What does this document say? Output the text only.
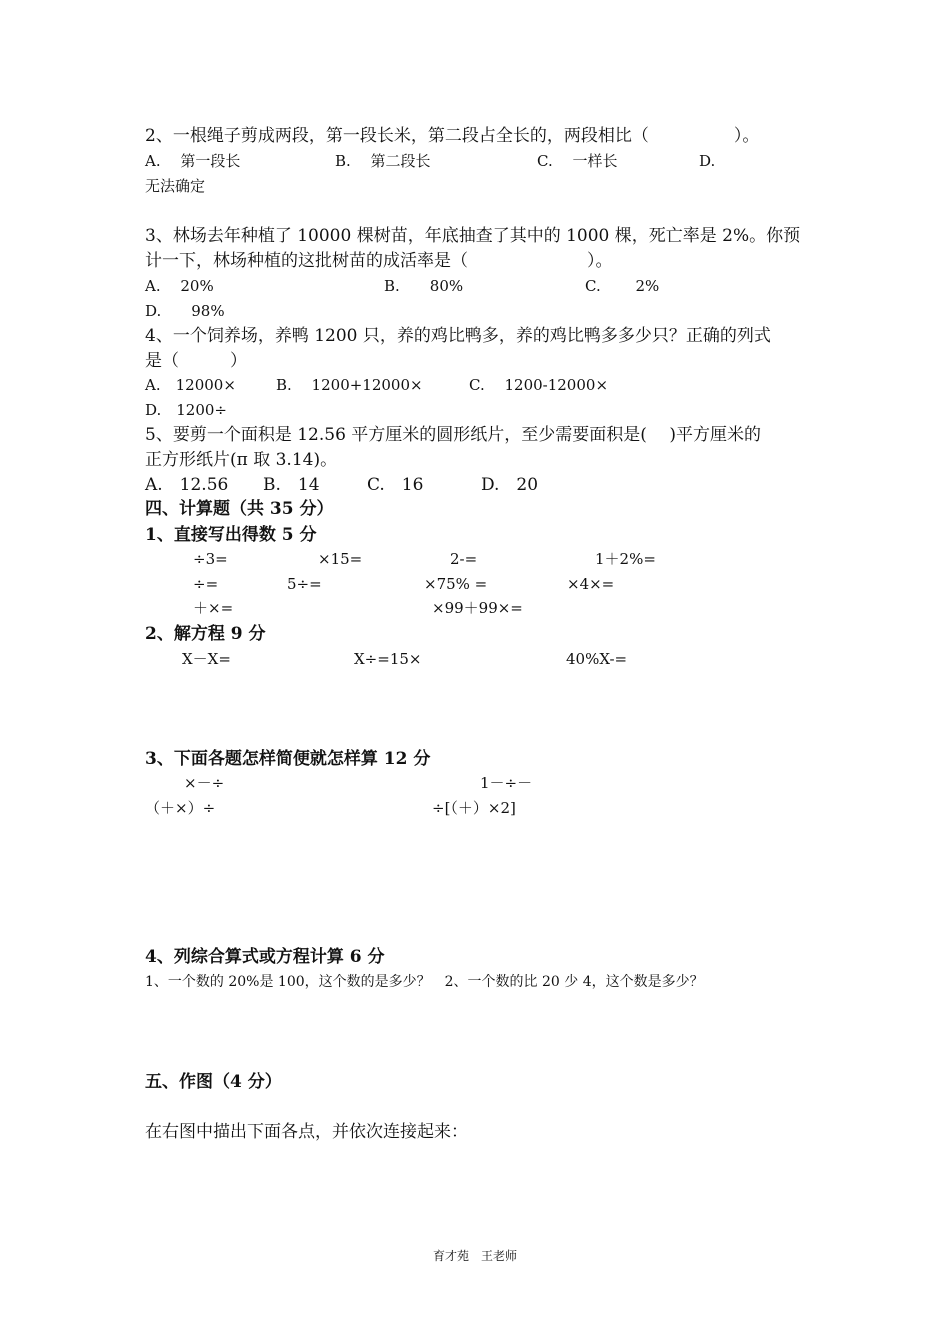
2、一根绳子剪成两段，第一段长米，第二段占全长的，两段相比（　　　　　）。
A.　 第一段长	B.　 第二段长	C.　 一样长	D.
无法确定
3、林场去年种植了 10000 棵树苗，年底抽查了其中的 1000 棵，死亡率是 2%。你预
计一下，林场种植的这批树苗的成活率是（　　　　　　　）。
A.　 20%	B.　　80%	C.　　 2%
D.　　98%
4、一个饲养场，养鸭 1200 只，养的鸡比鸭多，养的鸡比鸭多多少只？正确的列式
是（　　　）
A.　12000×	B.　 1200+12000×	C.　 1200-12000×
D.　1200÷
5、要剪一个面积是 12.56 平方厘米的圆形纸片，至少需要面积是(　 )平方厘米的
正方形纸片(π 取 3.14)。
A.　12.56 B.　14	C.　16	D.　20
四、计算题（共 35 分）
1、直接写出得数 5 分
÷3=	×15=	2-=	1＋2%=
÷=	5÷=	×75% =	×4×=
＋×=	×99＋99×=
2、解方程 9 分
X－X=	X÷=15×	40%X-=
3、下面各题怎样简便就怎样算 12 分
×－÷	1－÷－
（＋×）÷	÷[（＋）×2]
4、列综合算式或方程计算 6 分
1、一个数的 20%是 100，这个数的是多少？　2、一个数的比 20 少 4，这个数是多少？
五、作图（4 分）
在右图中描出下面各点，并依次连接起来：
育才苑　王老师
